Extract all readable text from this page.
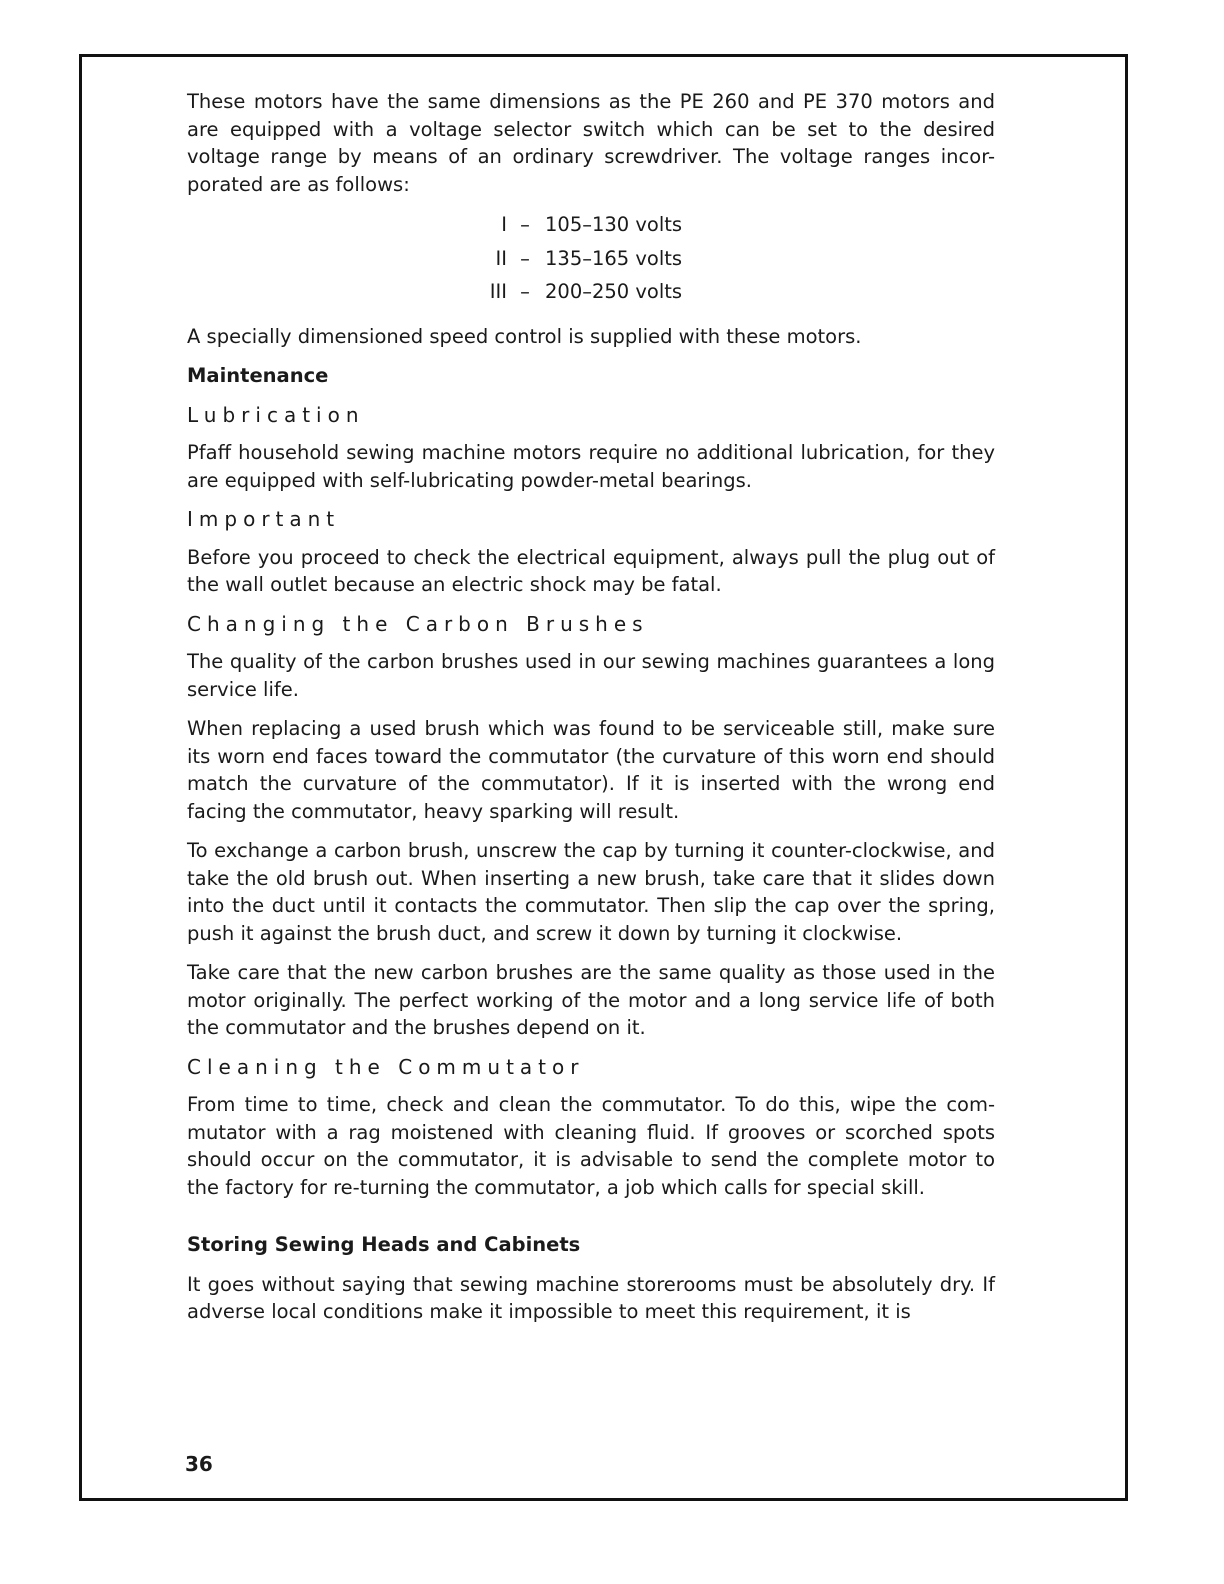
These motors have the same dimensions as the PE 260 and PE 370 motors and are equipped with a voltage selector switch which can be set to the desired voltage range by means of an ordinary screwdriver. The voltage ranges incor-porated are as follows:

I – 105–130 volts
II – 135–165 volts
III – 200–250 volts

A specially dimensioned speed control is supplied with these motors.

Maintenance
Lubrication

Pfaff household sewing machine motors require no additional lubrication, for they are equipped with self-lubricating powder-metal bearings.

Important

Before you proceed to check the electrical equipment, always pull the plug out of the wall outlet because an electric shock may be fatal.

Changing the Carbon Brushes

The quality of the carbon brushes used in our sewing machines guarantees a long service life.

When replacing a used brush which was found to be serviceable still, make sure its worn end faces toward the commutator (the curvature of this worn end should match the curvature of the commutator). If it is inserted with the wrong end facing the commutator, heavy sparking will result.

To exchange a carbon brush, unscrew the cap by turning it counter-clockwise, and take the old brush out. When inserting a new brush, take care that it slides down into the duct until it contacts the commutator. Then slip the cap over the spring, push it against the brush duct, and screw it down by turning it clockwise.

Take care that the new carbon brushes are the same quality as those used in the motor originally. The perfect working of the motor and a long service life of both the commutator and the brushes depend on it.

Cleaning the Commutator

From time to time, check and clean the commutator. To do this, wipe the com-mutator with a rag moistened with cleaning fluid. If grooves or scorched spots should occur on the commutator, it is advisable to send the complete motor to the factory for re-turning the commutator, a job which calls for special skill.

Storing Sewing Heads and Cabinets

It goes without saying that sewing machine storerooms must be absolutely dry. If adverse local conditions make it impossible to meet this requirement, it is

36
